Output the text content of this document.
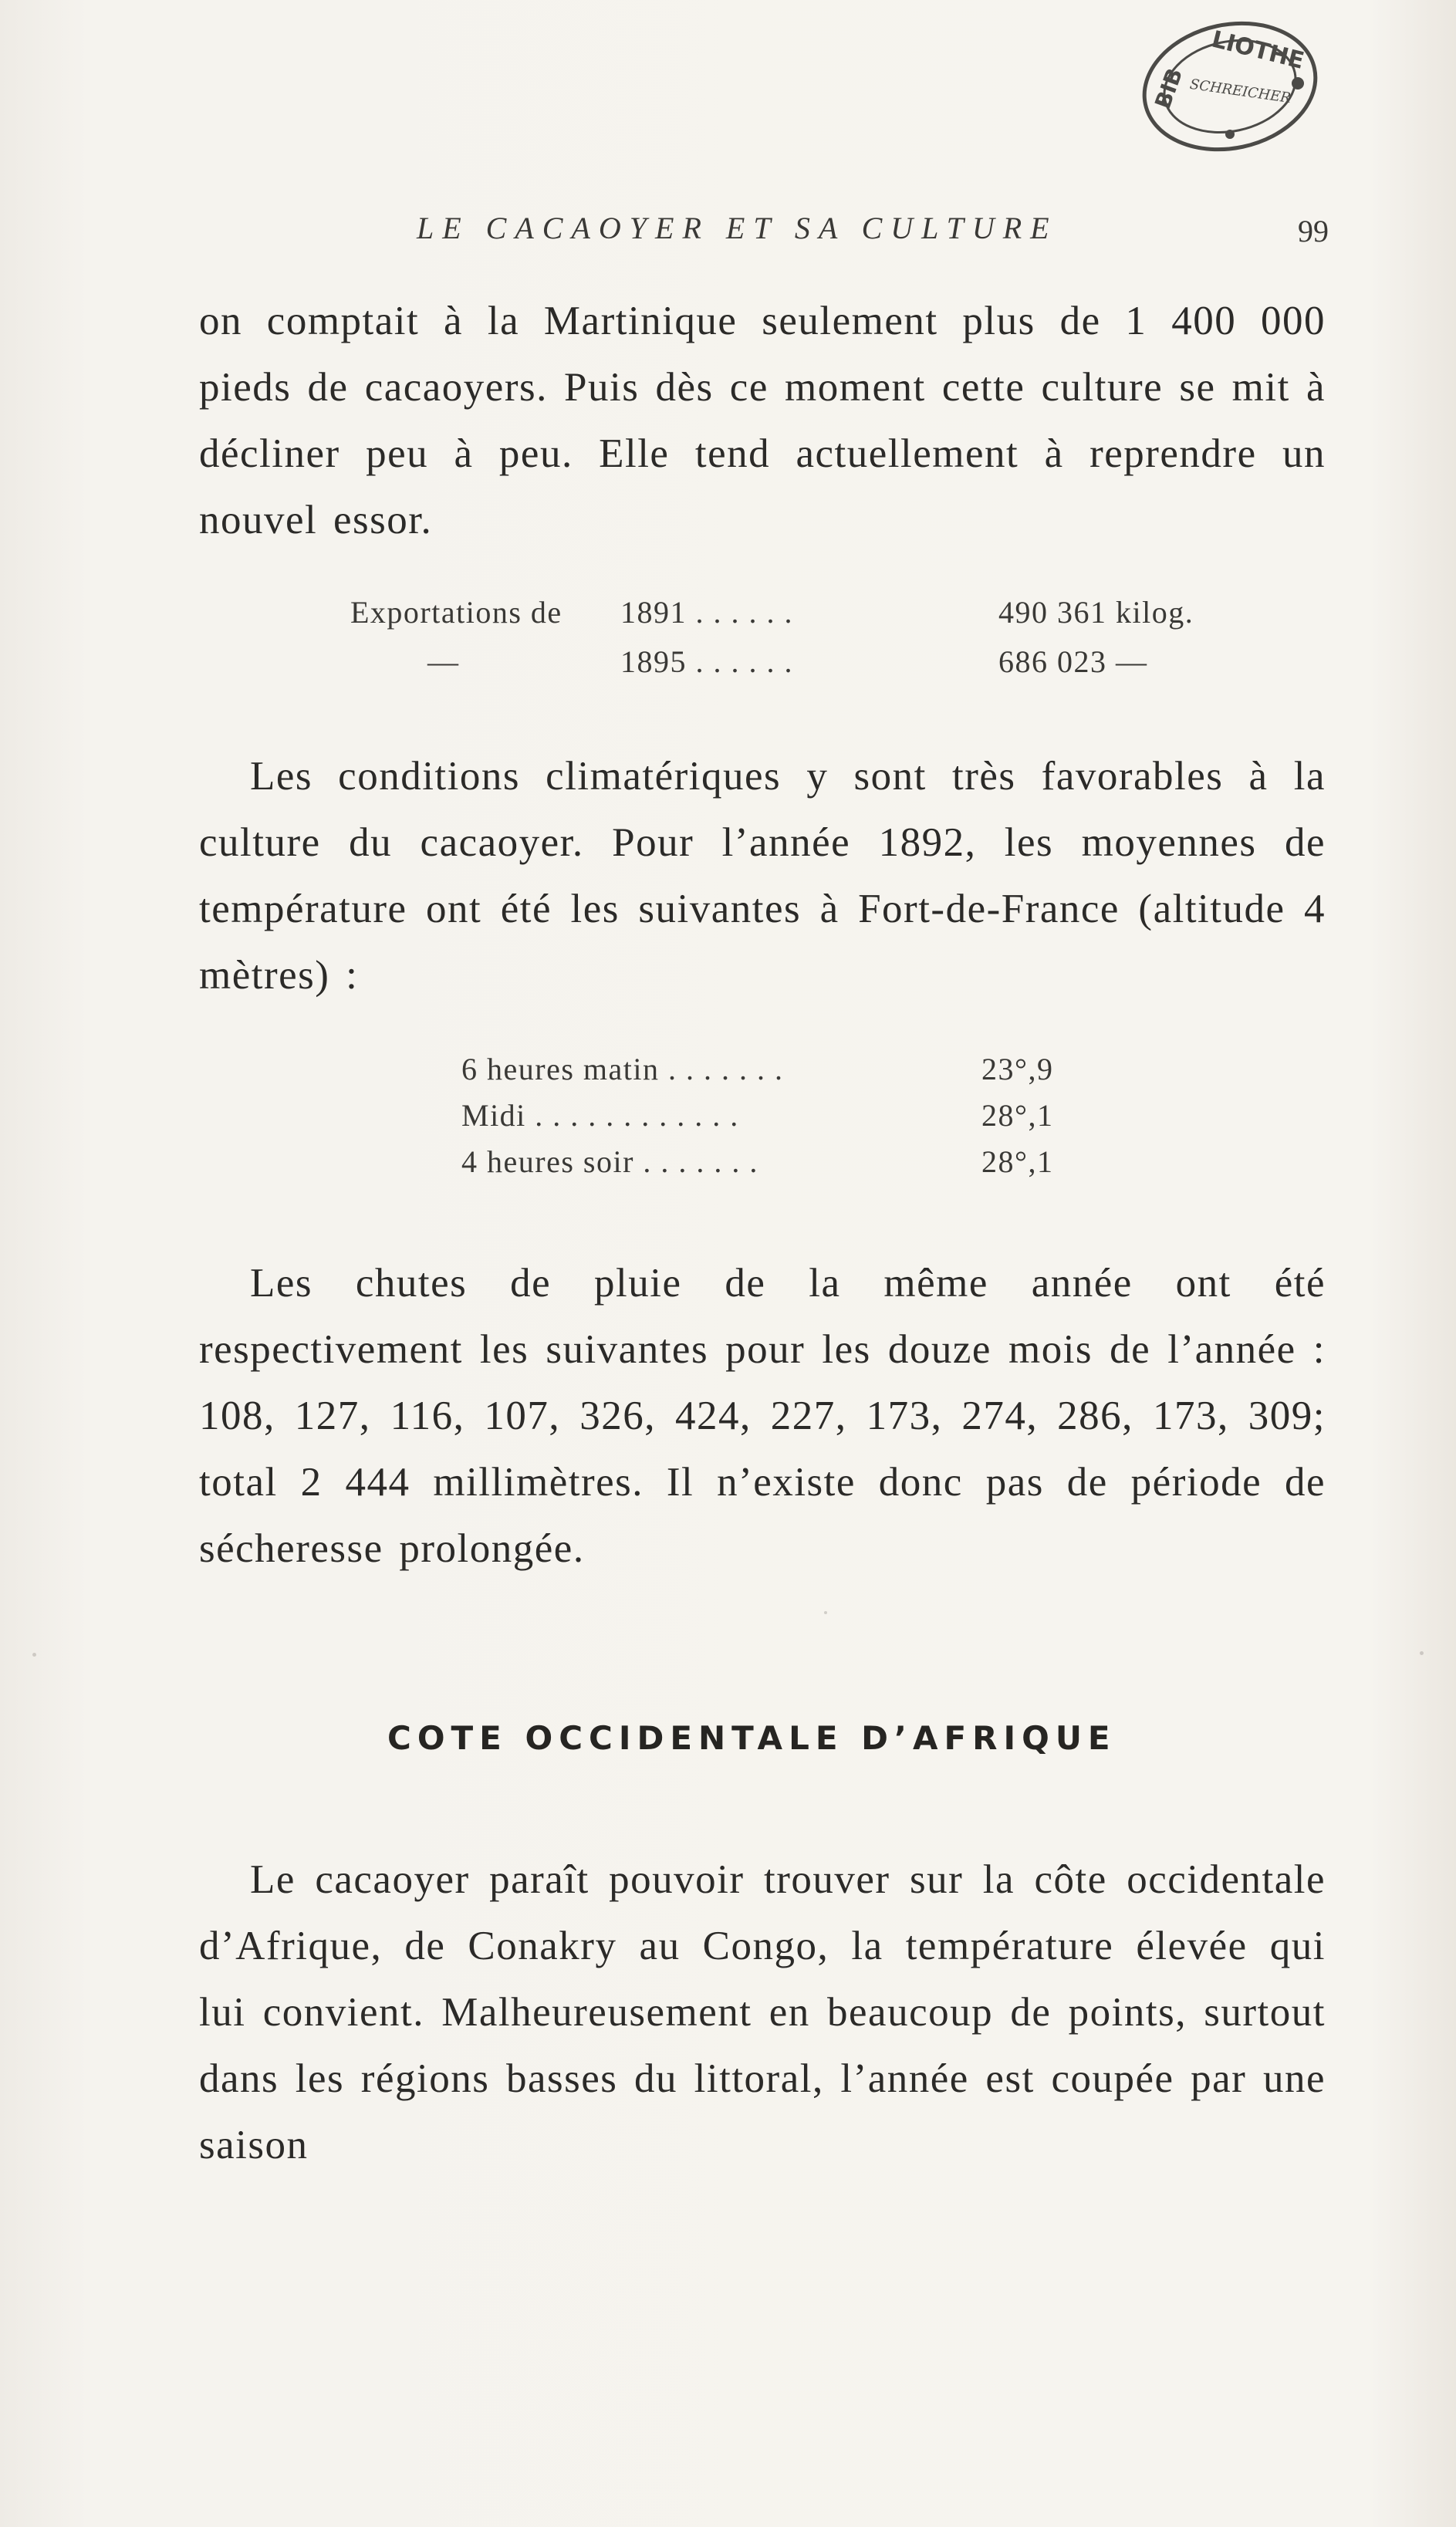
LIOTHE
BIB SCHREICHER
LE CACAOYER ET SA CULTURE	99

on comptait à la Martinique seulement plus de 1 400 000 pieds de cacaoyers. Puis dès ce moment cette culture se mit à décliner peu à peu. Elle tend actuellement à reprendre un nouvel essor.

Exportations de 1891 . . . . . .	490 361 kilog.
—	1895 . . . . . .	686 023 —

Les conditions climatériques y sont très favorables à la culture du cacaoyer. Pour l’année 1892, les moyennes de température ont été les suivantes à Fort-de-France (altitude 4 mètres) :

6 heures matin . . . . . . .	23°,9
Midi . . . . . . . . . . . .	28°,1
4 heures soir . . . . . . .	28°,1

Les chutes de pluie de la même année ont été respectivement les suivantes pour les douze mois de l’année : 108, 127, 116, 107, 326, 424, 227, 173, 274, 286, 173, 309; total 2 444 millimètres. Il n’existe donc pas de période de sécheresse prolongée.

COTE OCCIDENTALE D’AFRIQUE

Le cacaoyer paraît pouvoir trouver sur la côte occidentale d’Afrique, de Conakry au Congo, la température élevée qui lui convient. Malheureusement en beaucoup de points, surtout dans les régions basses du littoral, l’année est coupée par une saison
